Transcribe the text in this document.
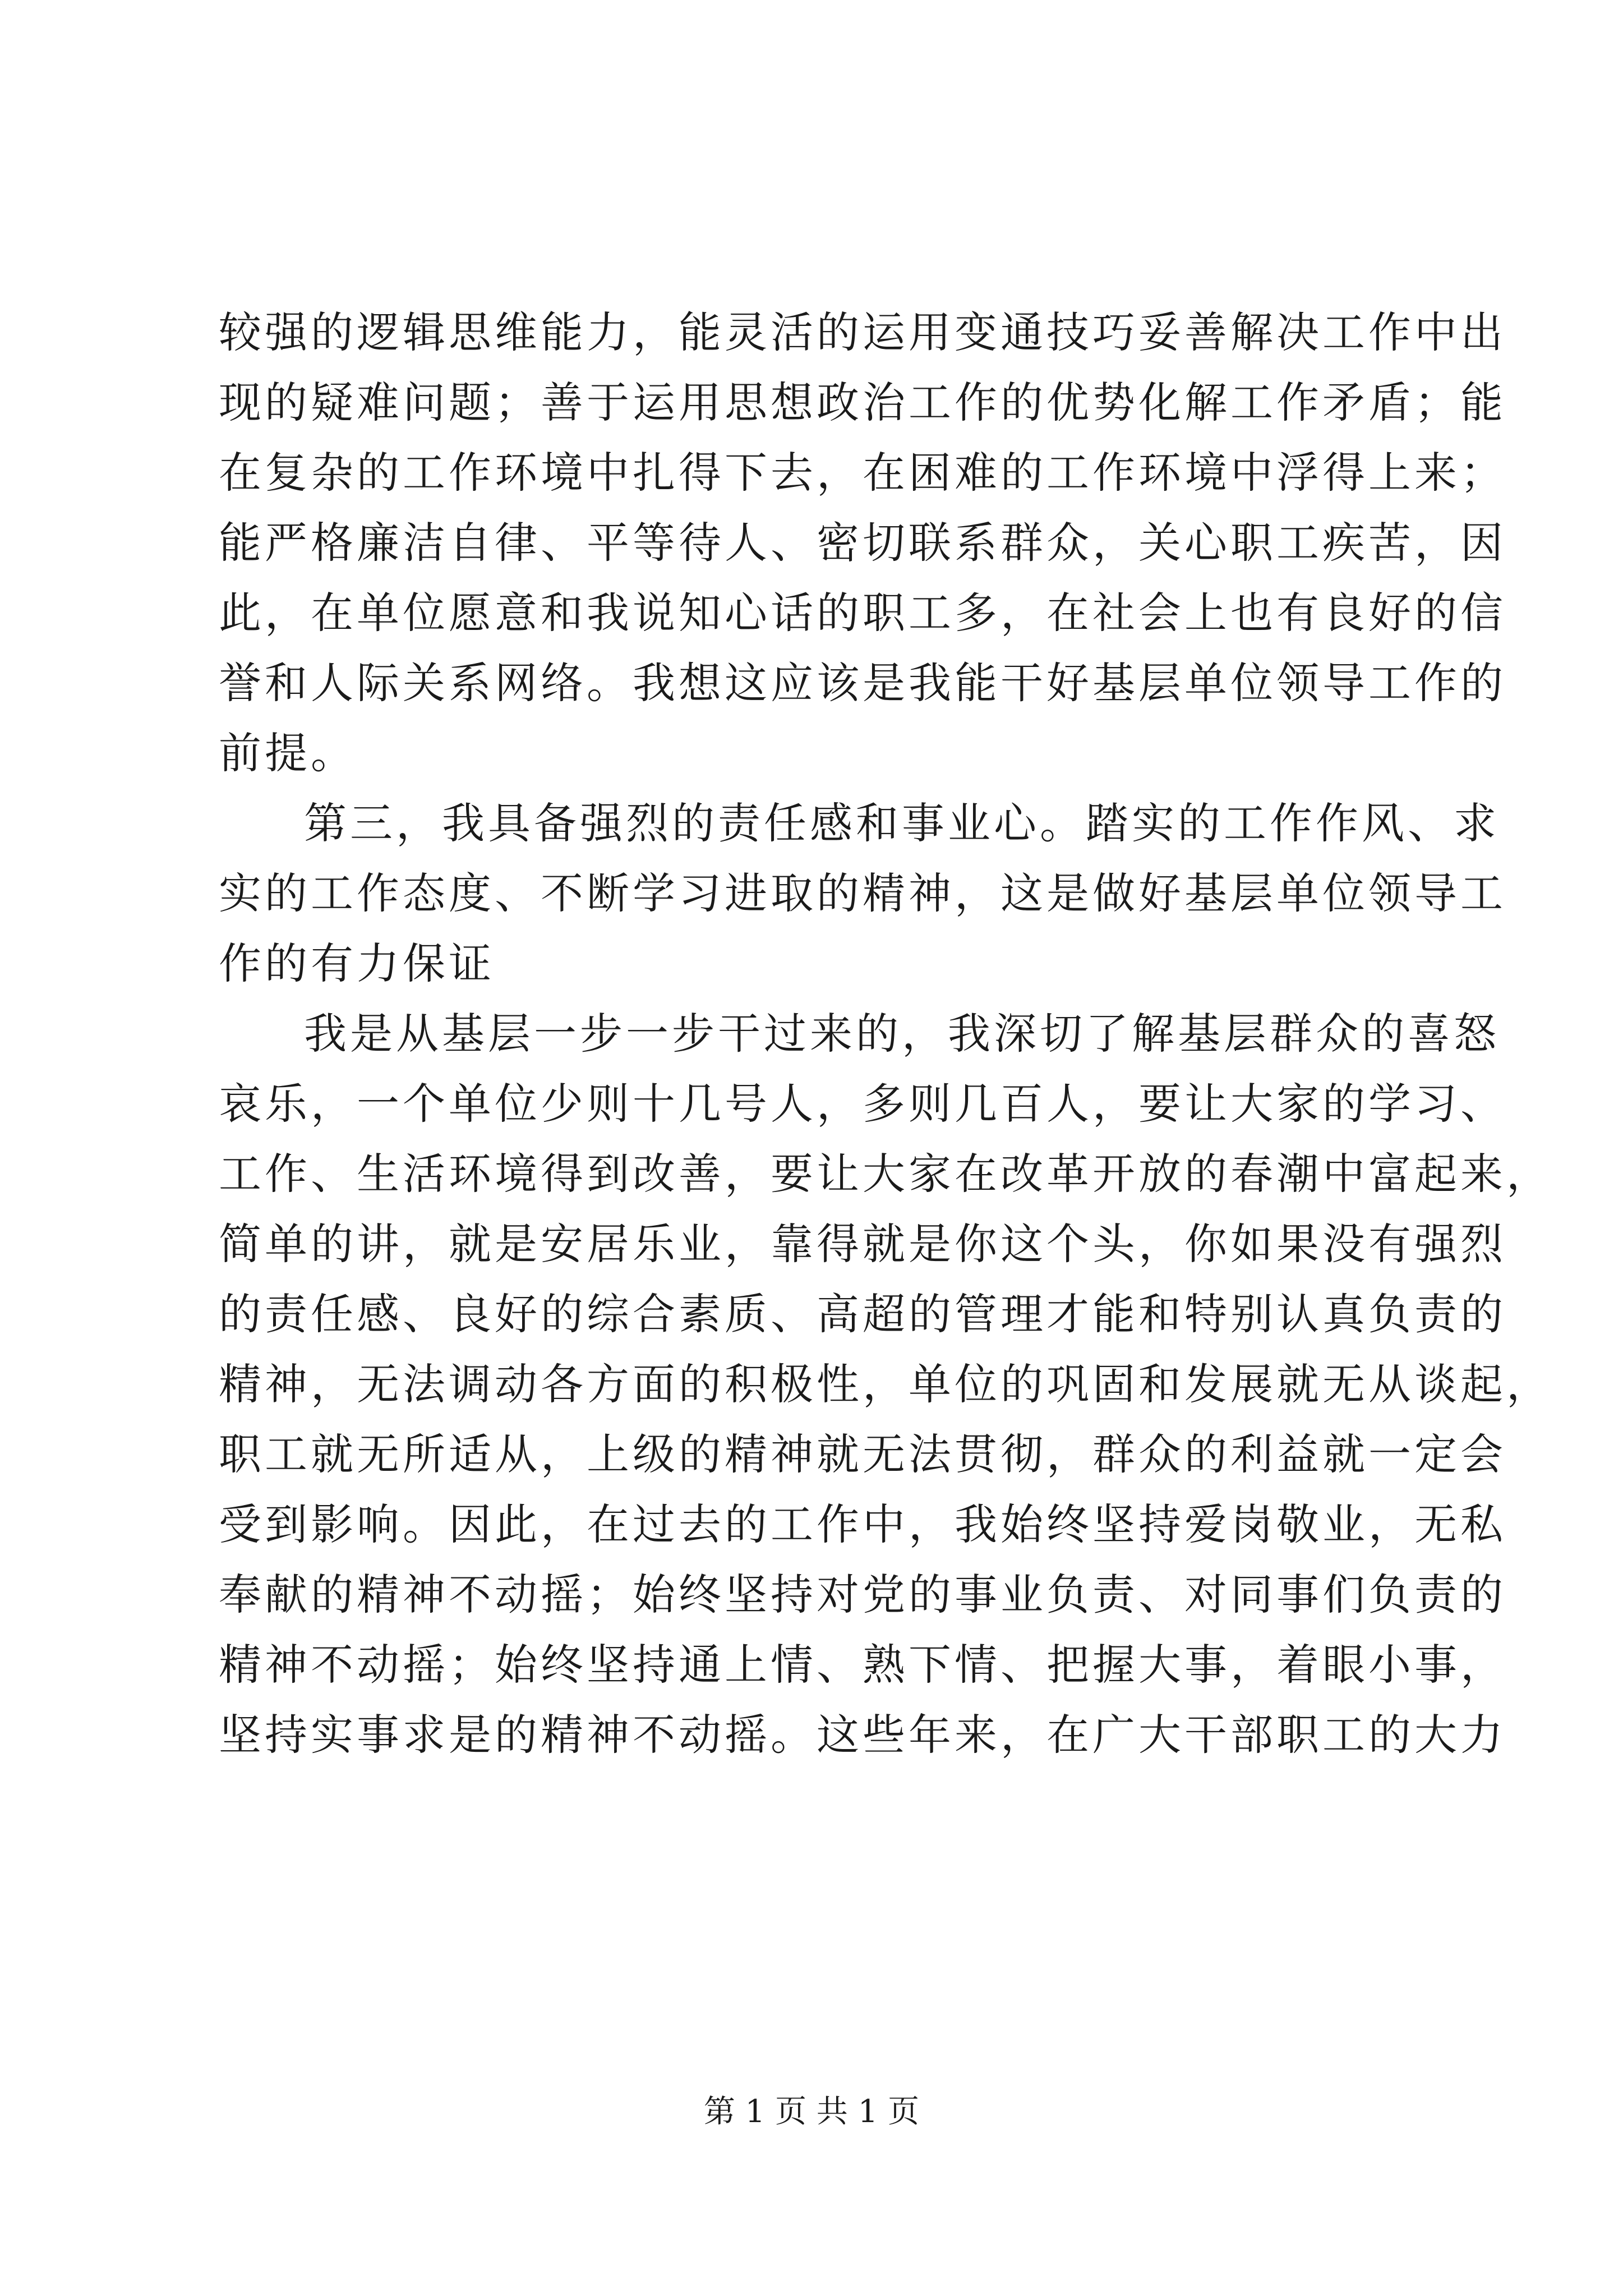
较强的逻辑思维能力，能灵活的运用变通技巧妥善解决工作中出
现的疑难问题；善于运用思想政治工作的优势化解工作矛盾；能
在复杂的工作环境中扎得下去，在困难的工作环境中浮得上来；
能严格廉洁自律、平等待人、密切联系群众，关心职工疾苦，因
此，在单位愿意和我说知心话的职工多，在社会上也有良好的信
誉和人际关系网络。我想这应该是我能干好基层单位领导工作的
前提。
第三，我具备强烈的责任感和事业心。踏实的工作作风、求
实的工作态度、不断学习进取的精神，这是做好基层单位领导工
作的有力保证
我是从基层一步一步干过来的，我深切了解基层群众的喜怒
哀乐，一个单位少则十几号人，多则几百人，要让大家的学习、
工作、生活环境得到改善，要让大家在改革开放的春潮中富起来，
简单的讲，就是安居乐业，靠得就是你这个头，你如果没有强烈
的责任感、良好的综合素质、高超的管理才能和特别认真负责的
精神，无法调动各方面的积极性，单位的巩固和发展就无从谈起，
职工就无所适从，上级的精神就无法贯彻，群众的利益就一定会
受到影响。因此，在过去的工作中，我始终坚持爱岗敬业，无私
奉献的精神不动摇；始终坚持对党的事业负责、对同事们负责的
精神不动摇；始终坚持通上情、熟下情、把握大事，着眼小事，
坚持实事求是的精神不动摇。这些年来，在广大干部职工的大力
第 1 页 共 1 页
